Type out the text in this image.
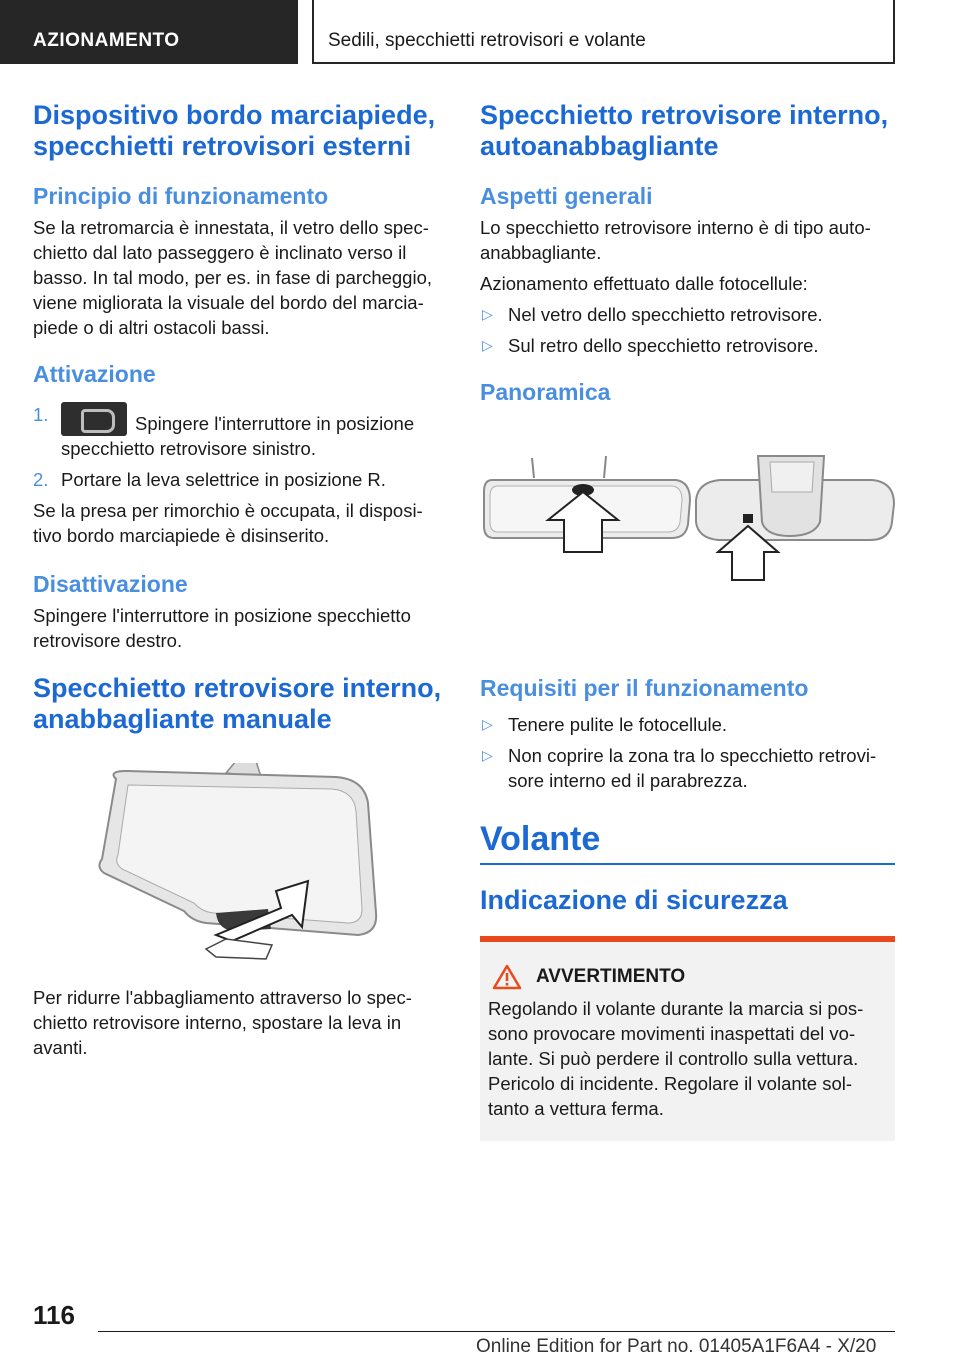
AZIONAMENTO	Sedili, specchietti retrovisori e volante
Dispositivo bordo marciapiede, specchietti retrovisori esterni
Principio di funzionamento

Se la retromarcia è innestata, il vetro dello spec-chietto dal lato passeggero è inclinato verso il basso. In tal modo, per es. in fase di parcheggio, viene migliorata la visuale del bordo del marcia-piede o di altri ostacoli bassi.

Attivazione
1.	Spingere l'interruttore in posizione specchietto retrovisore sinistro.
2. Portare la leva selettrice in posizione R.

Se la presa per rimorchio è occupata, il disposi-tivo bordo marciapiede è disinserito.

Disattivazione

Spingere l'interruttore in posizione specchietto retrovisore destro.

Specchietto retrovisore interno, anabbagliante manuale

Per ridurre l'abbagliamento attraverso lo spec-chietto retrovisore interno, spostare la leva in avanti.

Specchietto retrovisore interno, autoanabbagliante
Aspetti generali

Lo specchietto retrovisore interno è di tipo auto-anabbagliante.

Azionamento effettuato dalle fotocellule:

▷ Nel vetro dello specchietto retrovisore.
▷ Sul retro dello specchietto retrovisore.
Panoramica
Requisiti per il funzionamento
▷ Tenere pulite le fotocellule.
▷ Non coprire la zona tra lo specchietto retrovi-sore interno ed il parabrezza.
Volante
Indicazione di sicurezza
AVVERTIMENTO

Regolando il volante durante la marcia si pos-sono provocare movimenti inaspettati del vo-lante. Si può perdere il controllo sulla vettura. Pericolo di incidente. Regolare il volante sol-tanto a vettura ferma.

116
Online Edition for Part no. 01405A1F6A4 - X/20
